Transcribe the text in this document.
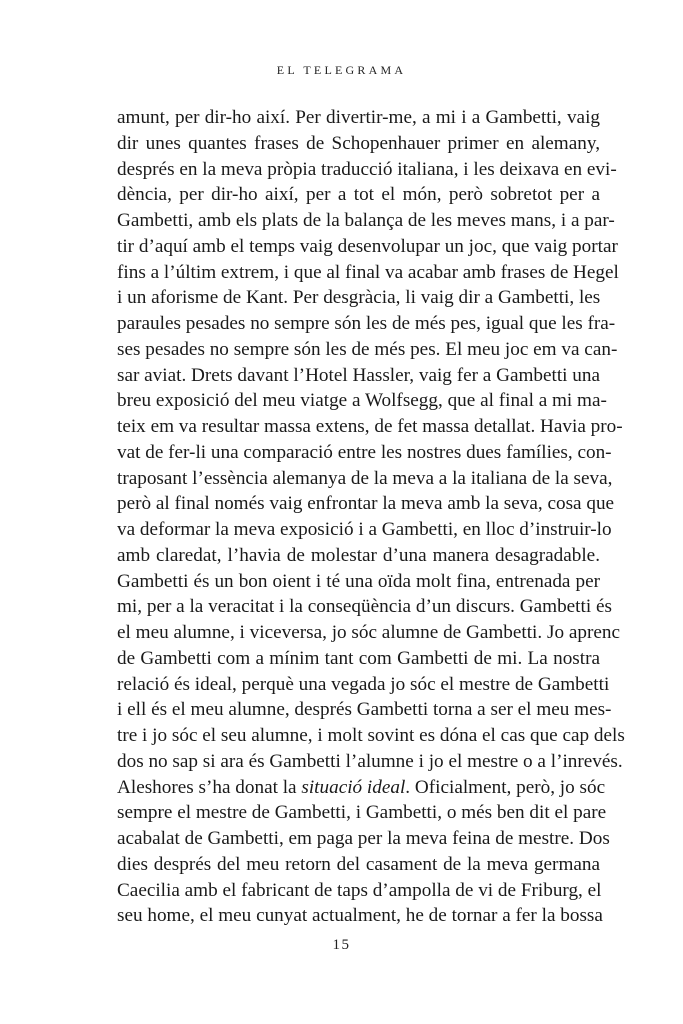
EL TELEGRAMA
amunt, per dir-ho així. Per divertir-me, a mi i a Gambetti, vaig
dir unes quantes frases de Schopenhauer primer en alemany,
després en la meva pròpia traducció italiana, i les deixava en evi-
dència, per dir-ho així, per a tot el món, però sobretot per a
Gambetti, amb els plats de la balança de les meves mans, i a par-
tir d’aquí amb el temps vaig desenvolupar un joc, que vaig portar
fins a l’últim extrem, i que al final va acabar amb frases de Hegel
i un aforisme de Kant. Per desgràcia, li vaig dir a Gambetti, les
paraules pesades no sempre són les de més pes, igual que les fra-
ses pesades no sempre són les de més pes. El meu joc em va can-
sar aviat. Drets davant l’Hotel Hassler, vaig fer a Gambetti una
breu exposició del meu viatge a Wolfsegg, que al final a mi ma-
teix em va resultar massa extens, de fet massa detallat. Havia pro-
vat de fer-li una comparació entre les nostres dues famílies, con-
traposant l’essència alemanya de la meva a la italiana de la seva,
però al final només vaig enfrontar la meva amb la seva, cosa que
va deformar la meva exposició i a Gambetti, en lloc d’instruir-lo
amb claredat, l’havia de molestar d’una manera desagradable.
Gambetti és un bon oient i té una oïda molt fina, entrenada per
mi, per a la veracitat i la conseqüència d’un discurs. Gambetti és
el meu alumne, i viceversa, jo sóc alumne de Gambetti. Jo aprenc
de Gambetti com a mínim tant com Gambetti de mi. La nostra
relació és ideal, perquè una vegada jo sóc el mestre de Gambetti
i ell és el meu alumne, després Gambetti torna a ser el meu mes-
tre i jo sóc el seu alumne, i molt sovint es dóna el cas que cap dels
dos no sap si ara és Gambetti l’alumne i jo el mestre o a l’inrevés.
Aleshores s’ha donat la situació ideal. Oficialment, però, jo sóc
sempre el mestre de Gambetti, i Gambetti, o més ben dit el pare
acabalat de Gambetti, em paga per la meva feina de mestre. Dos
dies després del meu retorn del casament de la meva germana
Caecilia amb el fabricant de taps d’ampolla de vi de Friburg, el
seu home, el meu cunyat actualment, he de tornar a fer la bossa
15
